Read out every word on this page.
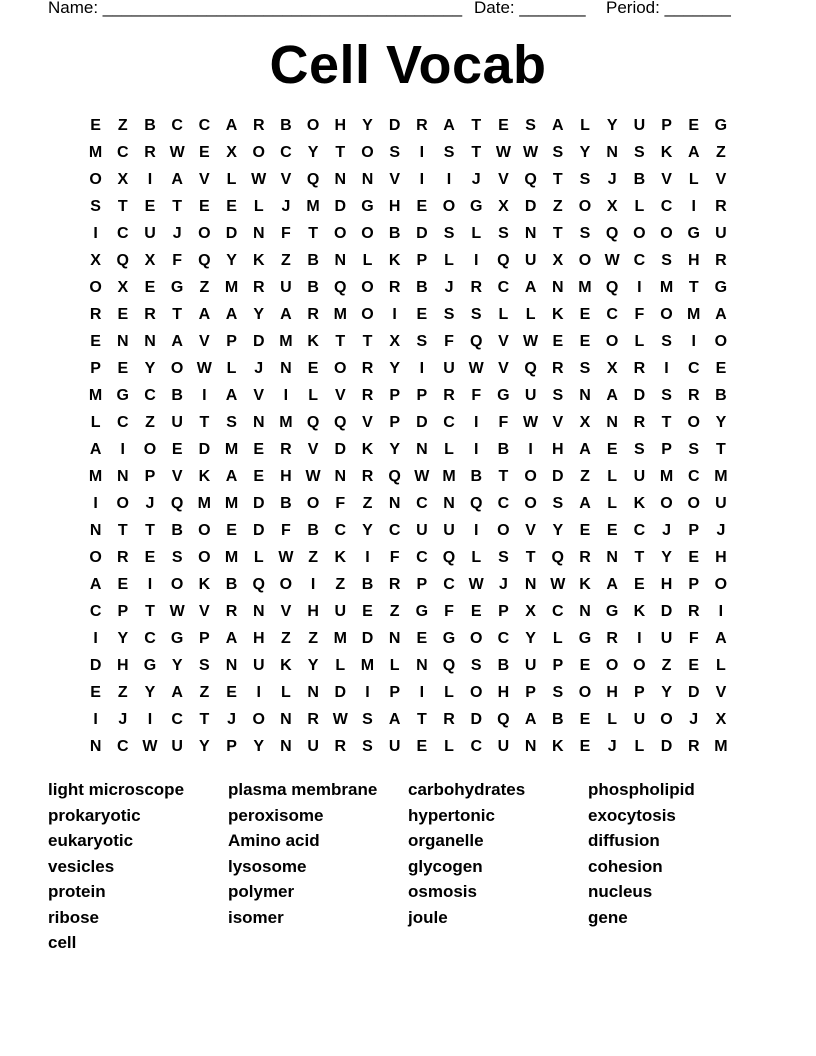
Name: ______________________________________ Date: _______ Period: _______
Cell Vocab
E	Z	B C C A R B O H	Y	D R A	T	E	S	A	L	Y	U	P	E G
M C R W E	X O C	Y	T	O S	I	S	T W W S	Y	N	S	K A	Z
O X	I	A	V	L W V Q N N	V	I	I	J	V Q	T	S	J	B	V	L	V
S	T	E	T	E	E	L	J	M D G H	E O G X	D	Z	O X	L	C	I	R
I	C U	J	O D N	F	T	O O B D	S	L	S	N	T	S Q O O G U
X Q X	F	Q Y	K	Z	B N	L	K	P	L	I	Q U	X O W C	S	H R
O X	E G	Z M R U B Q O R B	J	R C A N M Q	I	M T	G
R	E	R	T	A A	Y	A R M O	I	E	S	S	L	L	K	E	C	F	O M A
E	N N A	V	P	D M K	T	T	X	S	F	Q V W E	E O	L	S	I	O
P	E	Y O W L	J	N	E O R	Y	I	U W V Q R	S	X	R	I	C	E
M G C B	I	A	V	I	L	V	R	P	P	R	F	G U	S	N A D	S	R B
L	C	Z	U	T	S	N M Q Q V	P	D C	I	F W V	X	N R	T	O Y
A	I	O E	D M E	R	V	D K	Y	N	L	I	B	I	H A	E	S	P	S	T
M N	P	V	K A	E	H W N R Q W M B	T	O D	Z	L	U M C M
I	O	J	Q M M D B O	F	Z	N C N Q C O S	A	L	K O O U
N	T	T	B O E	D	F	B C	Y	C U U	I	O V	Y	E	E	C	J	P	J
O R	E	S O M L W Z	K	I	F	C Q	L	S	T	Q R N	T	Y	E	H
A	E	I	O K B Q O	I	Z	B R	P	C W J	N W K A	E	H	P O
C	P	T W V	R N	V	H U	E	Z	G	F	E	P	X	C N G K D R	I
I	Y	C G P	A H	Z	Z M D N	E G O C	Y	L	G R	I	U	F	A
D H G Y	S	N U K	Y	L M L	N Q S	B U	P	E O O	Z	E	L
E	Z	Y	A	Z	E	I	L	N D	I	P	I	L	O H	P	S O H	P	Y	D	V
I	J	I	C	T	J	O N R W S	A	T	R D Q A B	E	L	U O	J	X
N C W U	Y	P	Y	N U R	S	U	E	L	C U N K	E	J	L	D R M
light microscope	plasma membrane	carbohydrates	phospholipid
prokaryotic	peroxisome	hypertonic	exocytosis
eukaryotic	Amino acid	organelle	diffusion
vesicles	lysosome	glycogen	cohesion
protein	polymer	osmosis	nucleus
ribose	isomer	joule	gene
cell
